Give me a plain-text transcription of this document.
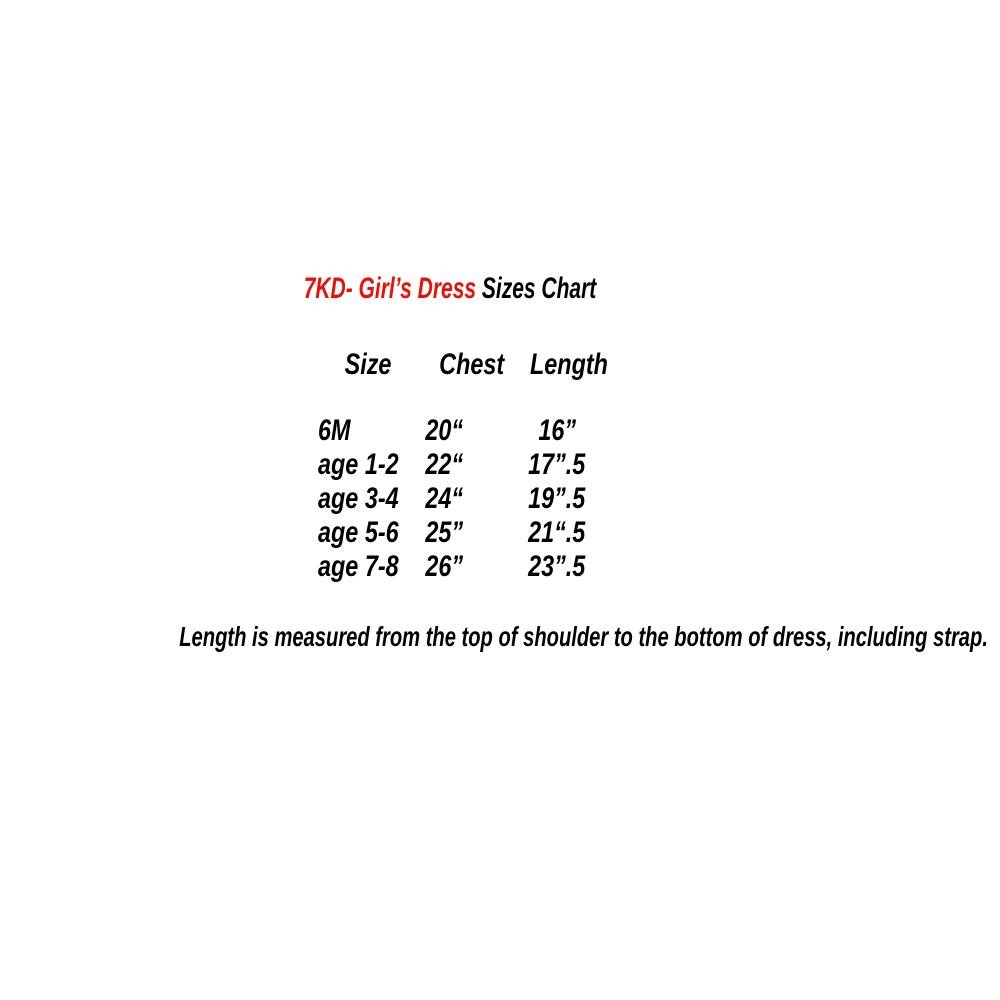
7KD- Girl’s Dress Sizes Chart
Size	Chest Length
6M	20“	16”
age 1-2 22“	17”.5
age 3-4 24“	19”.5
age 5-6 25”	21“.5
age 7-8 26”	23”.5
Length is measured from the top of shoulder to the bottom of dress, including strap.
